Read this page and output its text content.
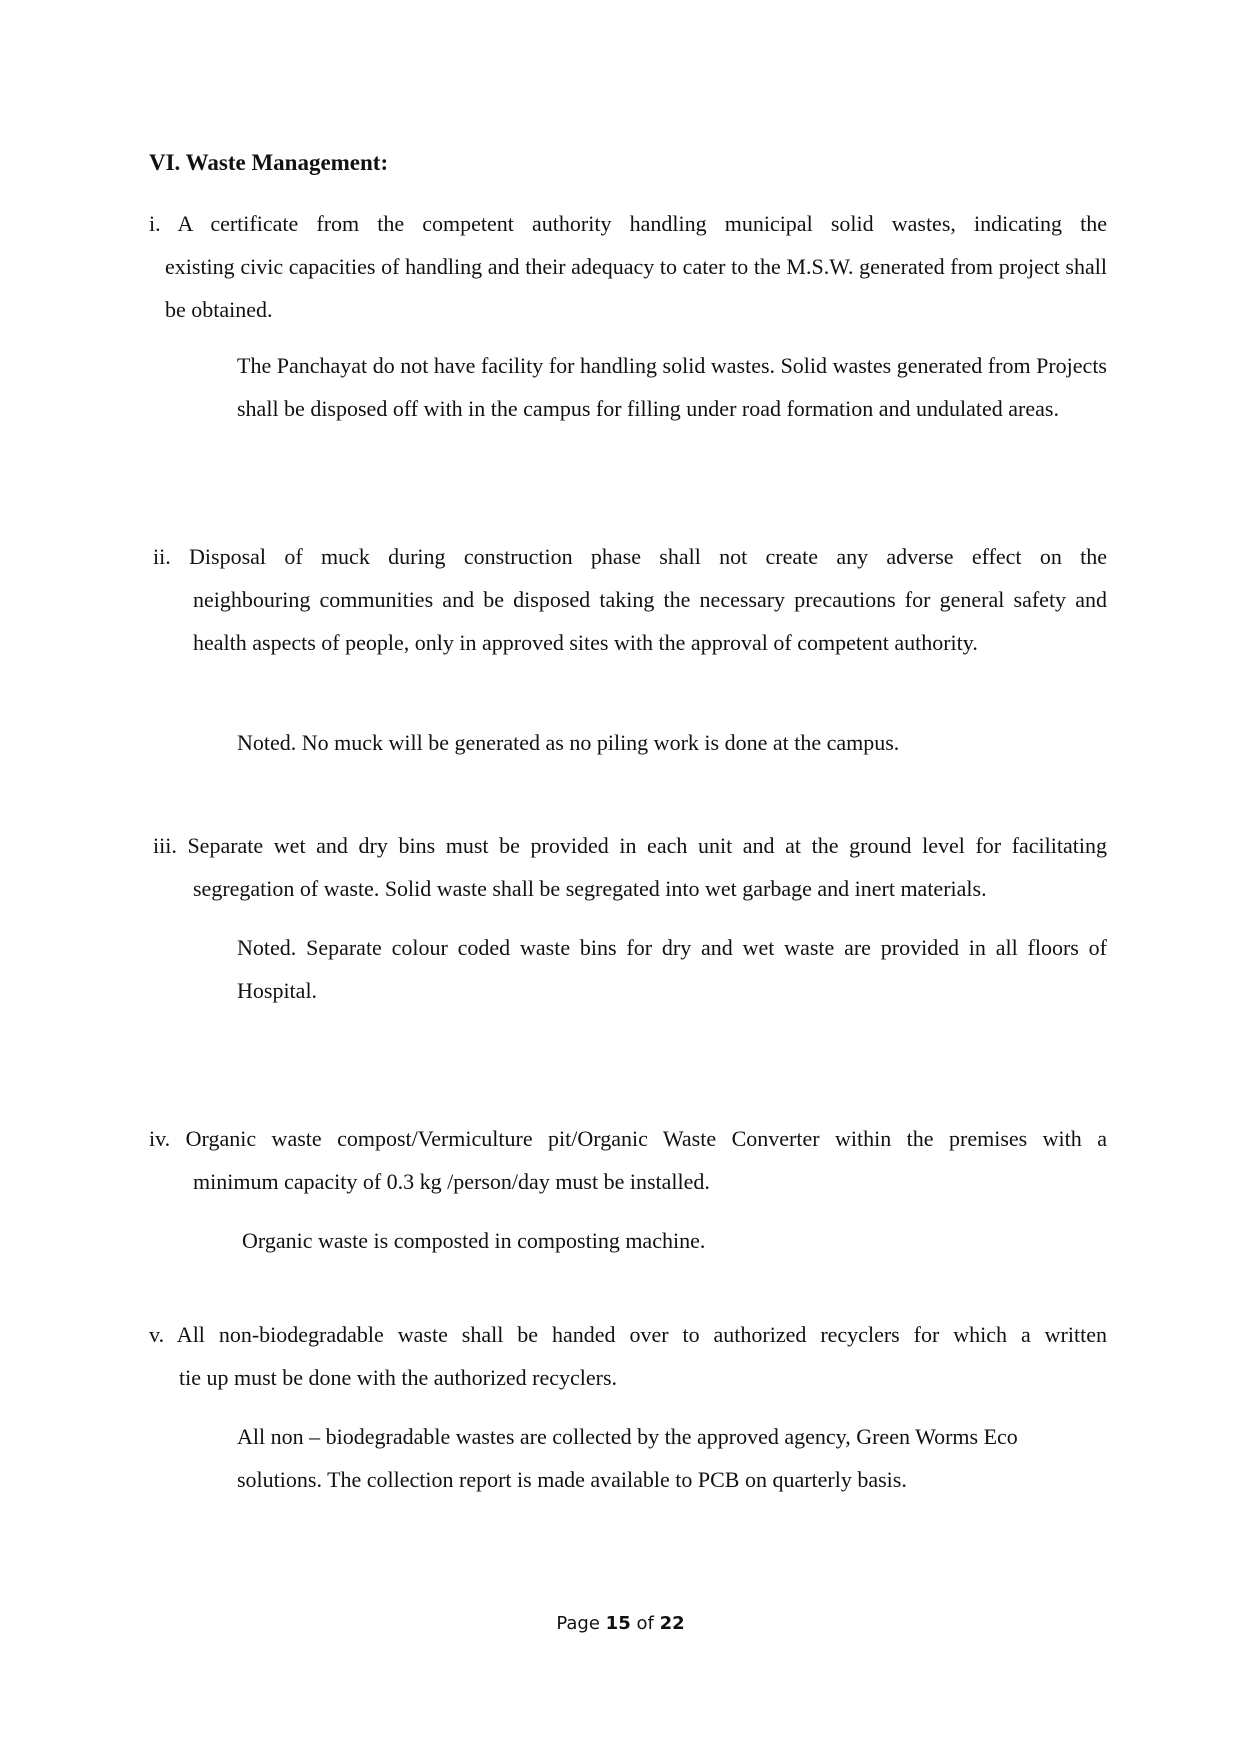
VI. Waste Management:
i. A certificate from the competent authority handling municipal solid wastes, indicating the
existing civic capacities of handling and their adequacy to cater to the M.S.W. generated from project shall be obtained.
The Panchayat do not have facility for handling solid wastes. Solid wastes generated from Projects shall be disposed off with in the campus for filling under road formation and undulated areas.
ii. Disposal of muck during construction phase shall not create any adverse effect on the
neighbouring communities and be disposed taking the necessary precautions for general safety and health aspects of people, only in approved sites with the approval of competent authority.
Noted. No muck will be generated as no piling work is done at the campus.
iii. Separate wet and dry bins must be provided in each unit and at the ground level for facilitating
segregation of waste. Solid waste shall be segregated into wet garbage and inert materials.
Noted. Separate colour coded waste bins for dry and wet waste are provided in all floors of Hospital.
iv. Organic waste compost/Vermiculture pit/Organic Waste Converter within the premises with a
minimum capacity of 0.3 kg /person/day must be installed.
Organic waste is composted in composting machine.
v. All non-biodegradable waste shall be handed over to authorized recyclers for which a written
tie up must be done with the authorized recyclers.
All non – biodegradable wastes are collected by the approved agency, Green Worms Eco solutions. The collection report is made available to PCB on quarterly basis.
Page 15 of 22
